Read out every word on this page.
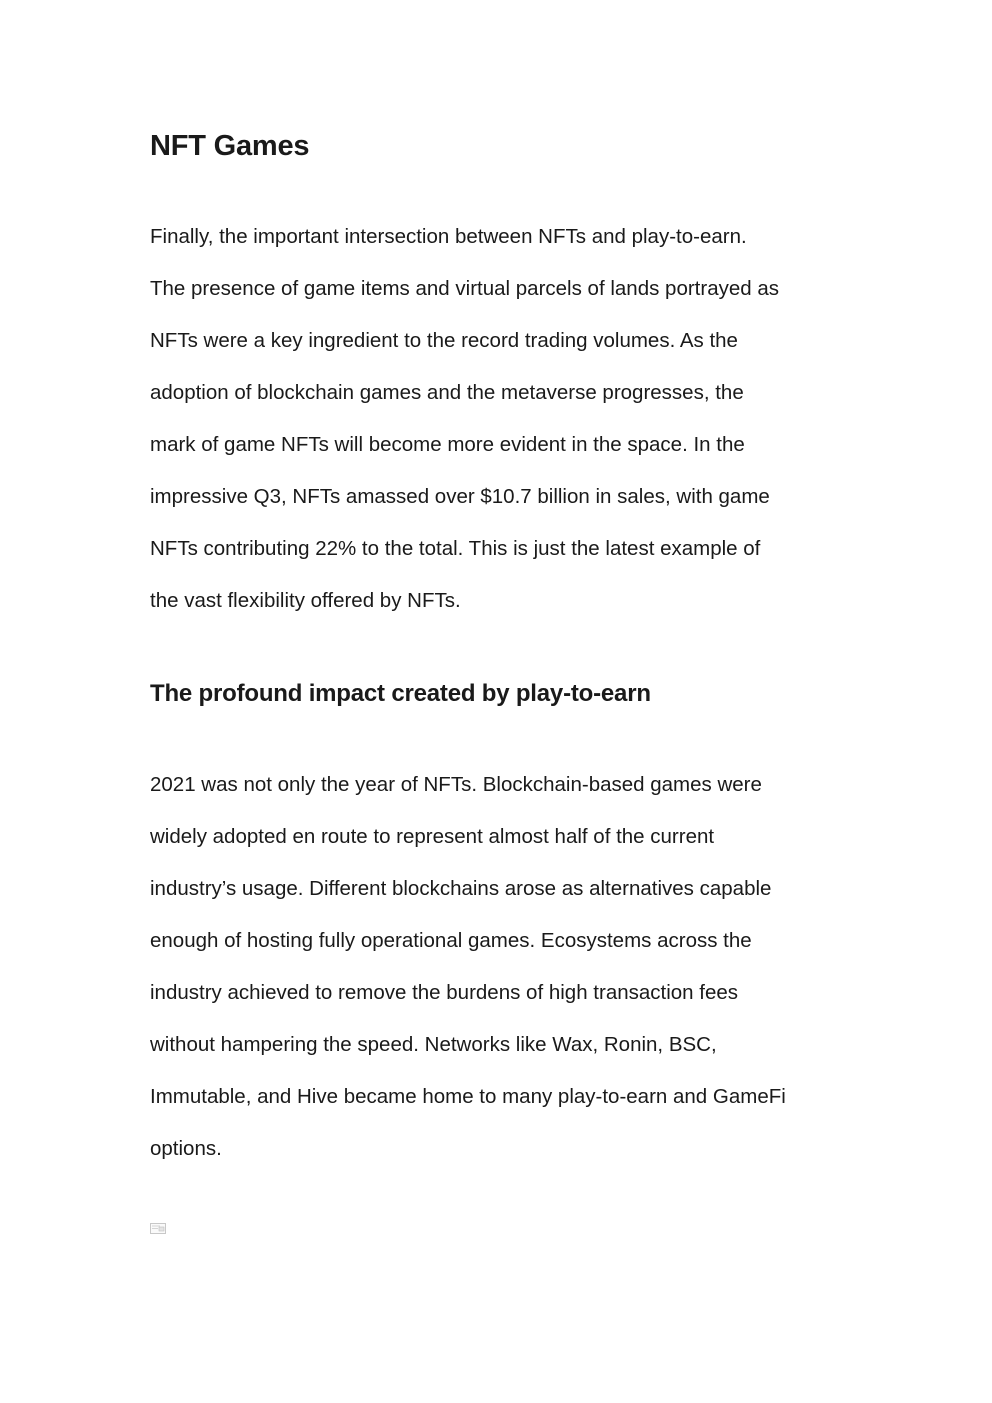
NFT Games

Finally, the important intersection between NFTs and play-to-earn.
The presence of game items and virtual parcels of lands portrayed as
NFTs were a key ingredient to the record trading volumes. As the
adoption of blockchain games and the metaverse progresses, the
mark of game NFTs will become more evident in the space. In the
impressive Q3, NFTs amassed over $10.7 billion in sales, with game
NFTs contributing 22% to the total. This is just the latest example of
the vast flexibility offered by NFTs.

The profound impact created by play-to-earn

2021 was not only the year of NFTs. Blockchain-based games were
widely adopted en route to represent almost half of the current
industry’s usage. Different blockchains arose as alternatives capable
enough of hosting fully operational games. Ecosystems across the
industry achieved to remove the burdens of high transaction fees
without hampering the speed. Networks like Wax, Ronin, BSC,
Immutable, and Hive became home to many play-to-earn and GameFi
options.
